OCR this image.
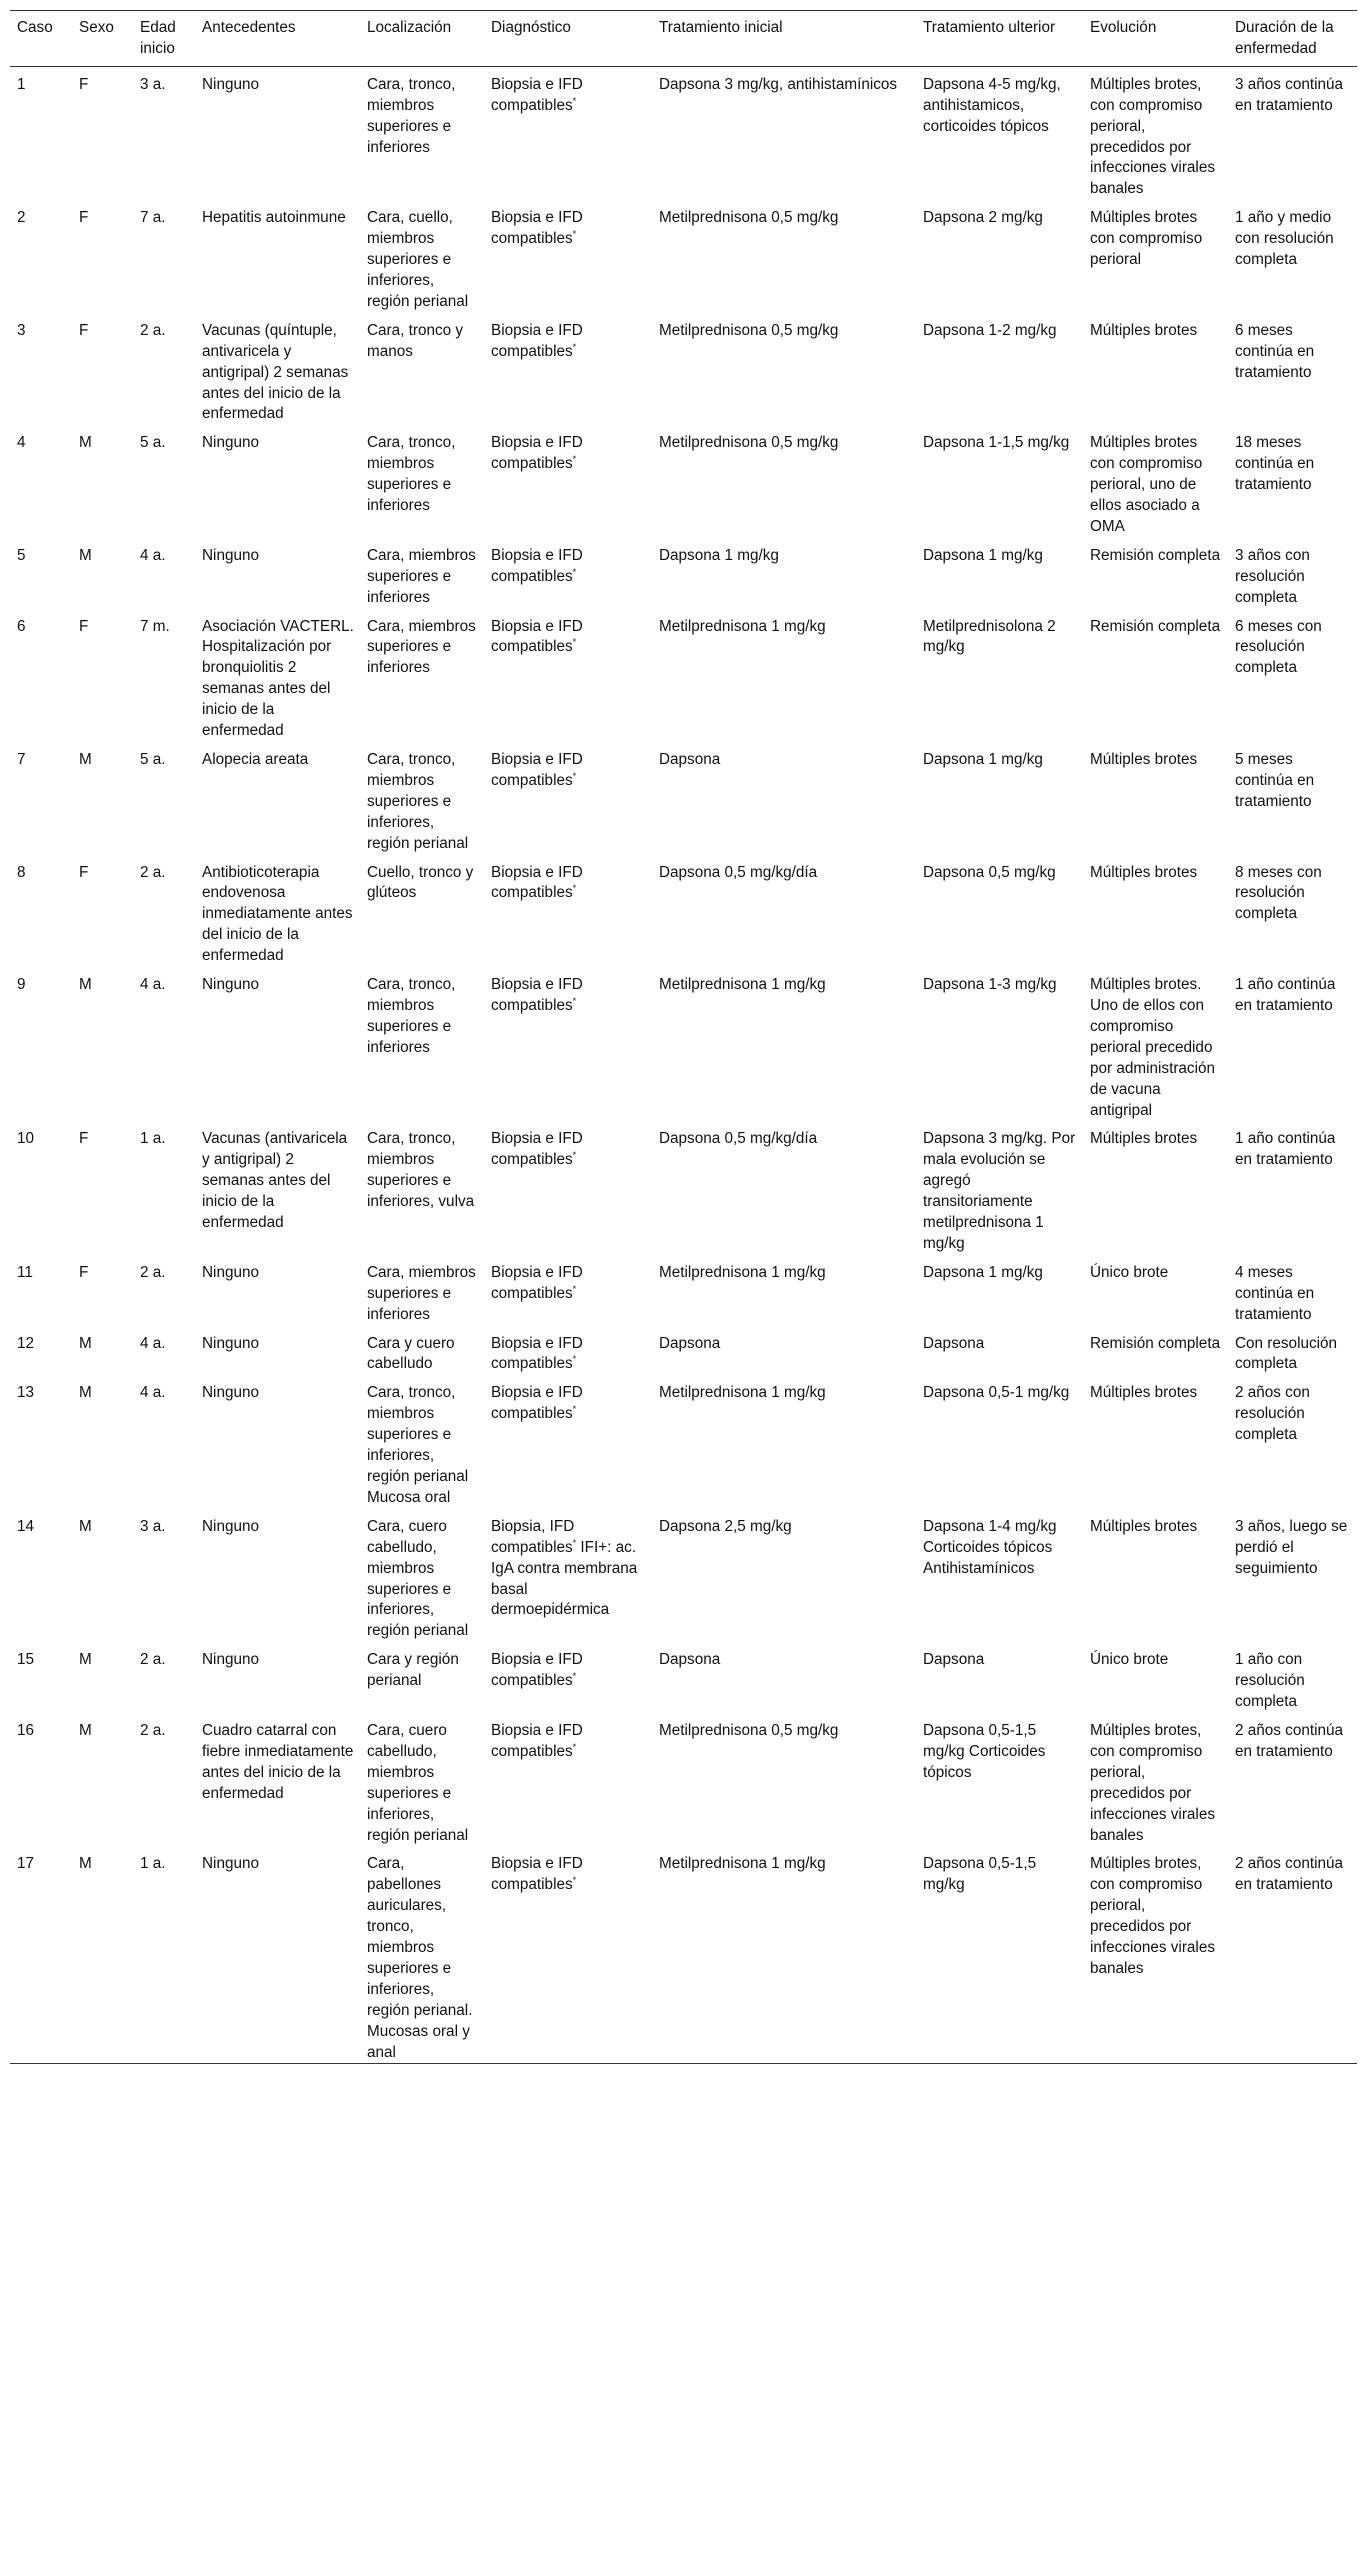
Caso	Sexo	Edad inicio	Antecedentes	Localización	Diagnóstico	Tratamiento inicial	Tratamiento ulterior	Evolución	Duración de la enfermedad
1	F	3 a.	Ninguno	Cara, tronco, miembros superiores e inferiores	Biopsia e IFD compatibles*	Dapsona 3 mg/kg, antihistamínicos	Dapsona 4-5 mg/kg, antihistamicos, corticoides tópicos	Múltiples brotes, con compromiso perioral, precedidos por infecciones virales banales	3 años continúa en tratamiento
2	F	7 a.	Hepatitis autoinmune	Cara, cuello, miembros superiores e inferiores, región perianal	Biopsia e IFD compatibles*	Metilprednisona 0,5 mg/kg	Dapsona 2 mg/kg	Múltiples brotes con compromiso perioral	1 año y medio con resolución completa
3	F	2 a.	Vacunas (quíntuple, antivaricela y antigripal) 2 semanas antes del inicio de la enfermedad	Cara, tronco y manos	Biopsia e IFD compatibles*	Metilprednisona 0,5 mg/kg	Dapsona 1-2 mg/kg	Múltiples brotes	6 meses continúa en tratamiento
4	M	5 a.	Ninguno	Cara, tronco, miembros superiores e inferiores	Biopsia e IFD compatibles*	Metilprednisona 0,5 mg/kg	Dapsona 1-1,5 mg/kg	Múltiples brotes con compromiso perioral, uno de ellos asociado a OMA	18 meses continúa en tratamiento
5	M	4 a.	Ninguno	Cara, miembros superiores e inferiores	Biopsia e IFD compatibles*	Dapsona 1 mg/kg	Dapsona 1 mg/kg	Remisión completa	3 años con resolución completa
6	F	7 m.	Asociación VACTERL. Hospitalización por bronquiolitis 2 semanas antes del inicio de la enfermedad	Cara, miembros superiores e inferiores	Biopsia e IFD compatibles*	Metilprednisona 1 mg/kg	Metilprednisolona 2 mg/kg	Remisión completa	6 meses con resolución completa
7	M	5 a.	Alopecia areata	Cara, tronco, miembros superiores e inferiores, región perianal	Biopsia e IFD compatibles*	Dapsona	Dapsona 1 mg/kg	Múltiples brotes	5 meses continúa en tratamiento
8	F	2 a.	Antibioticoterapia endovenosa inmediatamente antes del inicio de la enfermedad	Cuello, tronco y glúteos	Biopsia e IFD compatibles*	Dapsona 0,5 mg/kg/día	Dapsona 0,5 mg/kg	Múltiples brotes	8 meses con resolución completa
9	M	4 a.	Ninguno	Cara, tronco, miembros superiores e inferiores	Biopsia e IFD compatibles*	Metilprednisona 1 mg/kg	Dapsona 1-3 mg/kg	Múltiples brotes. Uno de ellos con compromiso perioral precedido por administración de vacuna antigripal	1 año continúa en tratamiento
10	F	1 a.	Vacunas (antivaricela y antigripal) 2 semanas antes del inicio de la enfermedad	Cara, tronco, miembros superiores e inferiores, vulva	Biopsia e IFD compatibles*	Dapsona 0,5 mg/kg/día	Dapsona 3 mg/kg. Por mala evolución se agregó transitoriamente metilprednisona 1 mg/kg	Múltiples brotes	1 año continúa en tratamiento
11	F	2 a.	Ninguno	Cara, miembros superiores e inferiores	Biopsia e IFD compatibles*	Metilprednisona 1 mg/kg	Dapsona 1 mg/kg	Único brote	4 meses continúa en tratamiento
12	M	4 a.	Ninguno	Cara y cuero cabelludo	Biopsia e IFD compatibles*	Dapsona	Dapsona	Remisión completa	Con resolución completa
13	M	4 a.	Ninguno	Cara, tronco, miembros superiores e inferiores, región perianal Mucosa oral	Biopsia e IFD compatibles*	Metilprednisona 1 mg/kg	Dapsona 0,5-1 mg/kg	Múltiples brotes	2 años con resolución completa
14	M	3 a.	Ninguno	Cara, cuero cabelludo, miembros superiores e inferiores, región perianal	Biopsia, IFD compatibles* IFI+: ac. IgA contra membrana basal dermoepidérmica	Dapsona 2,5 mg/kg	Dapsona 1-4 mg/kg Corticoides tópicos Antihistamínicos	Múltiples brotes	3 años, luego se perdió el seguimiento
15	M	2 a.	Ninguno	Cara y región perianal	Biopsia e IFD compatibles*	Dapsona	Dapsona	Único brote	1 año con resolución completa
16	M	2 a.	Cuadro catarral con fiebre inmediatamente antes del inicio de la enfermedad	Cara, cuero cabelludo, miembros superiores e inferiores, región perianal	Biopsia e IFD compatibles*	Metilprednisona 0,5 mg/kg	Dapsona 0,5-1,5 mg/kg Corticoides tópicos	Múltiples brotes, con compromiso perioral, precedidos por infecciones virales banales	2 años continúa en tratamiento
17	M	1 a.	Ninguno	Cara, pabellones auriculares, tronco, miembros superiores e inferiores, región perianal. Mucosas oral y anal	Biopsia e IFD compatibles*	Metilprednisona 1 mg/kg	Dapsona 0,5-1,5 mg/kg	Múltiples brotes, con compromiso perioral, precedidos por infecciones virales banales	2 años continúa en tratamiento
